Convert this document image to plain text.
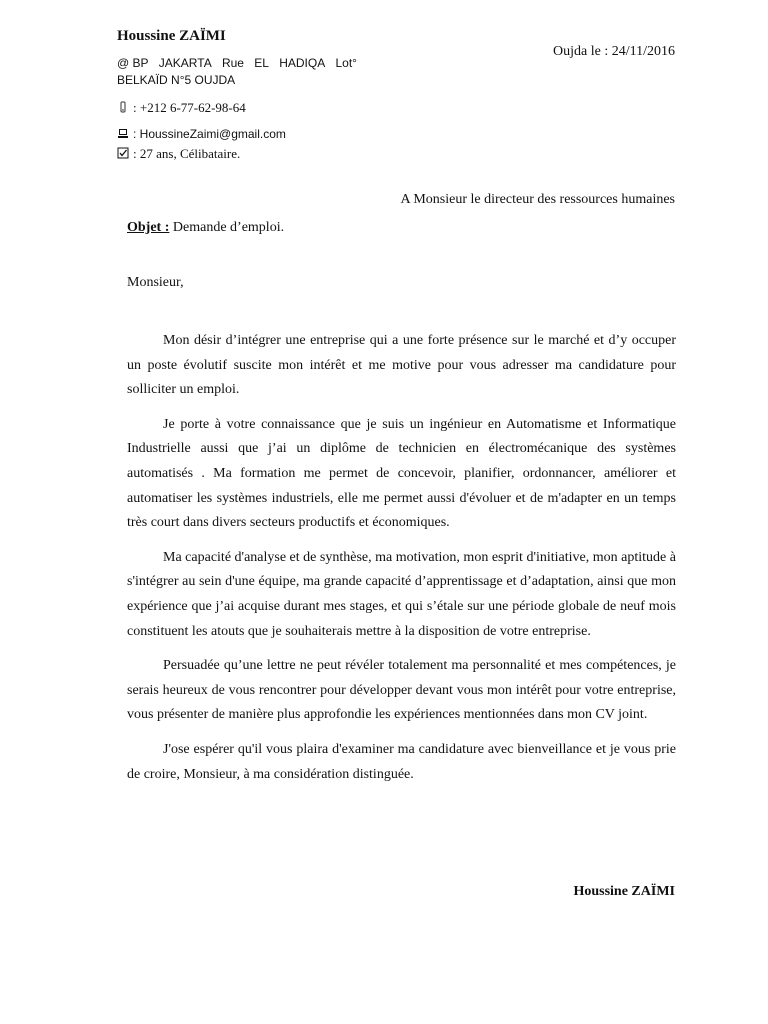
Houssine ZAÏMI
Oujda le : 24/11/2016
@ BP JAKARTA Rue EL HADIQA Lot°
BELKAÏD N°5 OUJDA
: +212 6-77-62-98-64
: HoussineZaimi@gmail.com
: 27 ans, Célibataire.
A Monsieur le directeur des ressources humaines
Objet : Demande d’emploi.
Monsieur,

Mon désir d’intégrer une entreprise qui a une forte présence sur le marché et d’y occuper un poste évolutif suscite mon intérêt et me motive pour vous adresser ma candidature pour solliciter un emploi.

Je porte à votre connaissance que je suis un ingénieur en Automatisme et Informatique Industrielle aussi que j’ai un diplôme de technicien en électromécanique des systèmes automatisés . Ma formation me permet de concevoir, planifier, ordonnancer, améliorer et automatiser les systèmes industriels, elle me permet aussi d'évoluer et de m'adapter en un temps très court dans divers secteurs productifs et économiques.

Ma capacité d'analyse et de synthèse, ma motivation, mon esprit d'initiative, mon aptitude à s'intégrer au sein d'une équipe, ma grande capacité d’apprentissage et d’adaptation, ainsi que mon expérience que j’ai acquise durant mes stages, et qui s’étale sur une période globale de neuf mois constituent les atouts que je souhaiterais mettre à la disposition de votre entreprise.

Persuadée qu’une lettre ne peut révéler totalement ma personnalité et mes compétences, je serais heureux de vous rencontrer pour développer devant vous mon intérêt pour votre entreprise, vous présenter de manière plus approfondie les expériences mentionnées dans mon CV joint.

J'ose espérer qu'il vous plaira d'examiner ma candidature avec bienveillance et je vous prie de croire, Monsieur, à ma considération distinguée.

Houssine ZAÏMI
